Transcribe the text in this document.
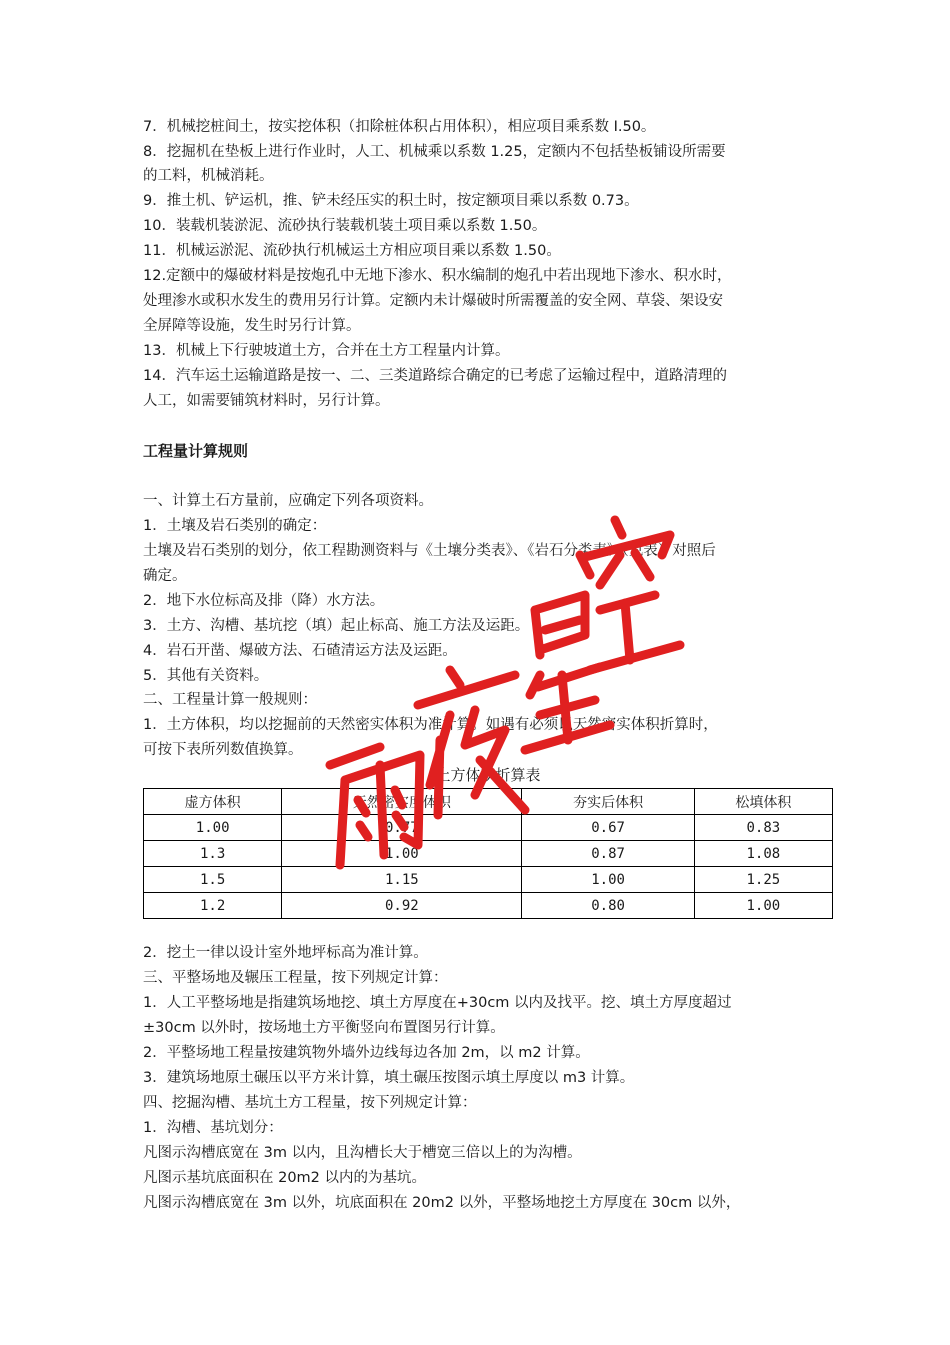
7．机械挖桩间土，按实挖体积（扣除桩体积占用体积），相应项目乘系数 I.50。
8．挖掘机在垫板上进行作业时，人工、机械乘以系数 1.25，定额内不包括垫板铺设所需要
的工料，机械消耗。
9．推土机、铲运机，推、铲未经压实的积土时，按定额项目乘以系数 0.73。
10．装载机装淤泥、流砂执行装载机装土项目乘以系数 1.50。
11．机械运淤泥、流砂执行机械运土方相应项目乘以系数 1.50。
12.定额中的爆破材料是按炮孔中无地下渗水、积水编制的炮孔中若出现地下渗水、积水时，
处理渗水或积水发生的费用另行计算。定额内未计爆破时所需覆盖的安全网、草袋、架设安
全屏障等设施，发生时另行计算。
13．机械上下行驶坡道土方，合并在土方工程量内计算。
14．汽车运土运输道路是按一、二、三类道路综合确定的已考虑了运输过程中，道路清理的
人工，如需要铺筑材料时，另行计算。
工程量计算规则
一、计算土石方量前，应确定下列各项资料。
1．土壤及岩石类别的确定：
土壤及岩石类别的划分，依工程勘测资料与《土壤分类表》、《岩石分类表》（见表）对照后
确定。
2．地下水位标高及排（降）水方法。
3．土方、沟槽、基坑挖（填）起止标高、施工方法及运距。
4．岩石开凿、爆破方法、石碴清运方法及运距。
5．其他有关资料。
二、工程量计算一般规则：
1．土方体积，均以挖掘前的天然密实体积为准计算。如遇有必须以天然密实体积折算时，
可按下表所列数值换算。
土方体积折算表
虚方体积	天然密实度体积	夯实后体积	松填体积
1.00	0.77	0.67	0.83
1.3	1.00	0.87	1.08
1.5	1.15	1.00	1.25
1.2	0.92	0.80	1.00
2．挖土一律以设计室外地坪标高为准计算。
三、平整场地及辗压工程量，按下列规定计算：
1．人工平整场地是指建筑场地挖、填土方厚度在+30cm 以内及找平。挖、填土方厚度超过
±30cm 以外时，按场地土方平衡竖向布置图另行计算。
2．平整场地工程量按建筑物外墙外边线每边各加 2m，以 m2 计算。
3．建筑场地原土碾压以平方米计算，填土碾压按图示填土厚度以 m3 计算。
四、挖掘沟槽、基坑土方工程量，按下列规定计算：
1．沟槽、基坑划分：
凡图示沟槽底宽在 3m 以内，且沟槽长大于槽宽三倍以上的为沟槽。
凡图示基坑底面积在 20m2 以内的为基坑。
凡图示沟槽底宽在 3m 以外，坑底面积在 20m2 以外，平整场地挖土方厚度在 30cm 以外，
